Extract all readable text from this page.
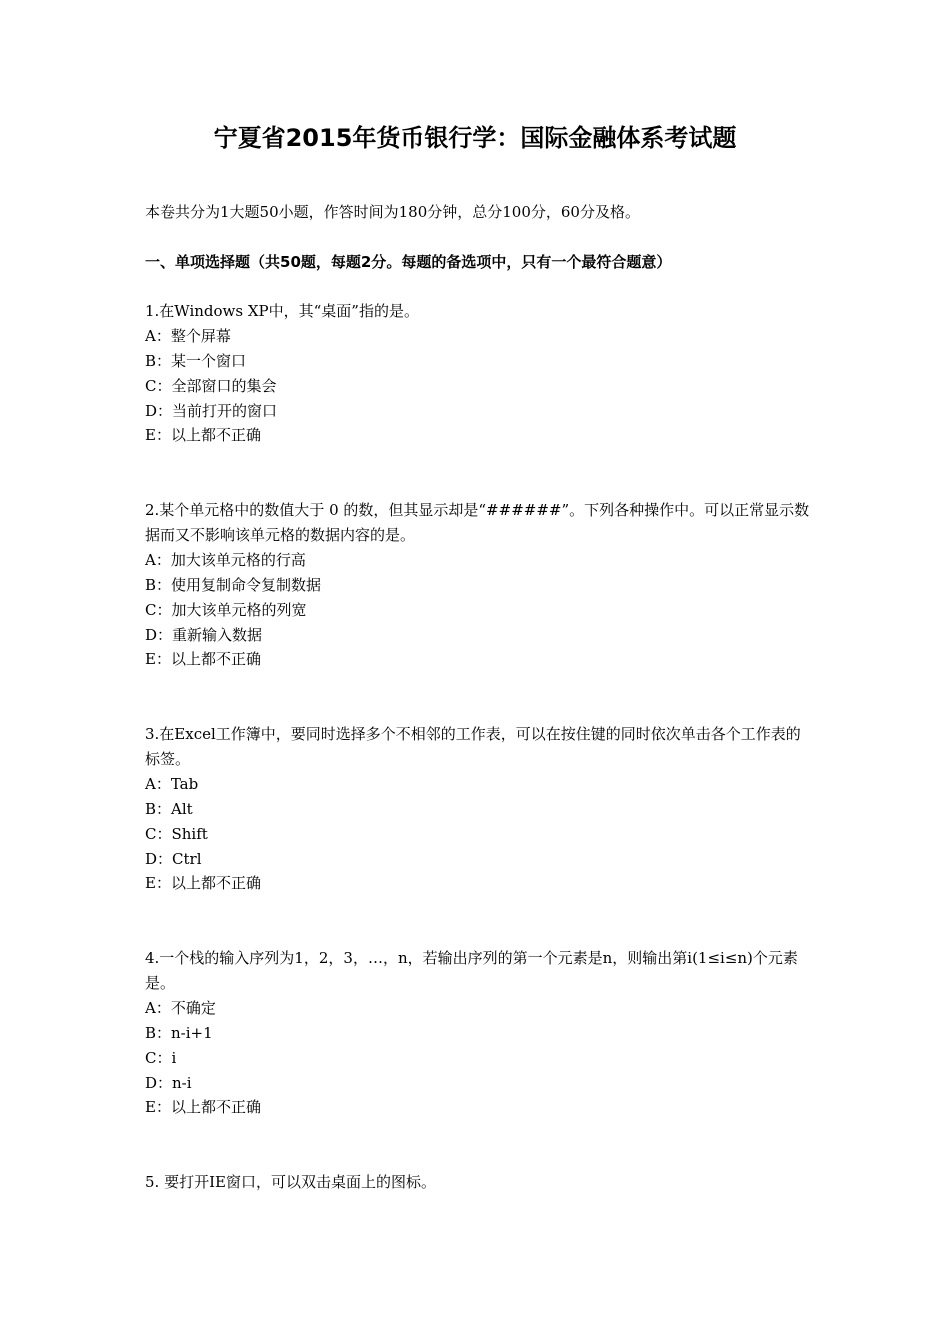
宁夏省2015年货币银行学：国际金融体系考试题
本卷共分为1大题50小题，作答时间为180分钟，总分100分，60分及格。
一、单项选择题（共50题，每题2分。每题的备选项中，只有一个最符合题意）
1.在Windows XP中，其“桌面”指的是。
A：整个屏幕
B：某一个窗口
C：全部窗口的集会
D：当前打开的窗口
E：以上都不正确
2.某个单元格中的数值大于 0 的数，但其显示却是“######”。下列各种操作中。可以正常显示数据而又不影响该单元格的数据内容的是。
A：加大该单元格的行高
B：使用复制命令复制数据
C：加大该单元格的列宽
D：重新输入数据
E：以上都不正确
3.在Excel工作簿中，要同时选择多个不相邻的工作表，可以在按住键的同时依次单击各个工作表的标签。
A：Tab
B：Alt
C：Shift
D：Ctrl
E：以上都不正确
4.一个栈的输入序列为1，2，3，…，n，若输出序列的第一个元素是n，则输出第i(1≤i≤n)个元素是。
A：不确定
B：n-i+1
C：i
D：n-i
E：以上都不正确
5. 要打开IE窗口，可以双击桌面上的图标。
